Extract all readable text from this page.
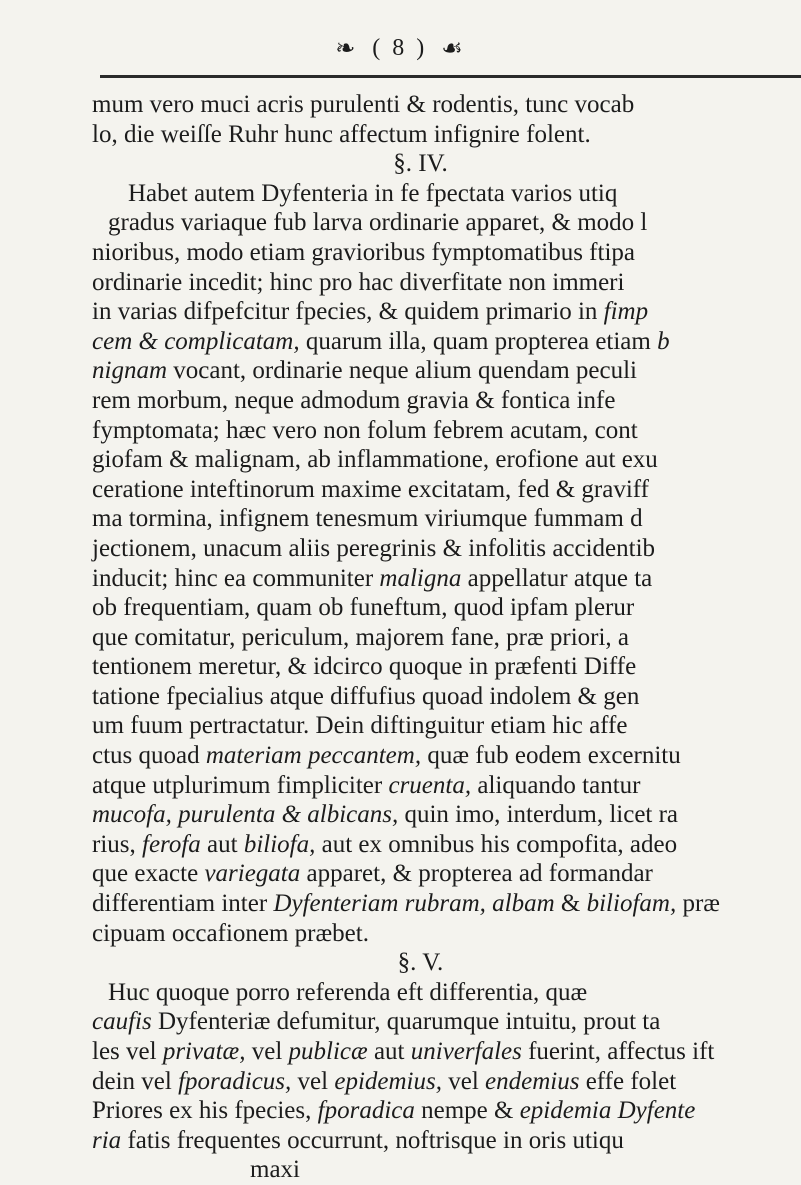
❧ ( 8 ) ☙
mum vero muci acris purulenti & rodentis, tunc vocab
lo, die weiſſe Ruhr hunc affectum infignire folent.
§. IV.
Habet autem Dyfenteria in fe fpectata varios utiq
gradus variaque fub larva ordinarie apparet, & modo l
nioribus, modo etiam gravioribus fymptomatibus ftipa
ordinarie incedit; hinc pro hac diverfitate non immeri
in varias difpefcitur fpecies, & quidem primario in fimp
cem & complicatam, quarum illa, quam propterea etiam b
nignam vocant, ordinarie neque alium quendam peculi
rem morbum, neque admodum gravia & fontica infe
fymptomata; hæc vero non folum febrem acutam, cont
giofam & malignam, ab inflammatione, erofione aut exu
ceratione inteftinorum maxime excitatam, fed & graviff
ma tormina, infignem tenesmum viriumque fummam d
jectionem, unacum aliis peregrinis & infolitis accidentib
inducit; hinc ea communiter maligna appellatur atque ta
ob frequentiam, quam ob funeftum, quod ipfam plerur
que comitatur, periculum, majorem fane, præ priori, a
tentionem meretur, & idcirco quoque in præfenti Diffe
tatione fpecialius atque diffufius quoad indolem & gen
um fuum pertractatur. Dein diftinguitur etiam hic affe
ctus quoad materiam peccantem, quæ fub eodem excernitu
atque utplurimum fimpliciter cruenta, aliquando tantur
mucofa, purulenta & albicans, quin imo, interdum, licet ra
rius, ferofa aut biliofa, aut ex omnibus his compofita, adeo
que exacte variegata apparet, & propterea ad formandar
differentiam inter Dyfenteriam rubram, albam & biliofam, præ
cipuam occafionem præbet.
§. V.
Huc quoque porro referenda eft differentia, quæ
caufis Dyfenteriæ defumitur, quarumque intuitu, prout ta
les vel privatæ, vel publicæ aut univerfales fuerint, affectus ift
dein vel fporadicus, vel epidemius, vel endemius effe folet
Priores ex his fpecies, fporadica nempe & epidemia Dyfente
ria fatis frequentes occurrunt, noftrisque in oris utiqu
maxi
